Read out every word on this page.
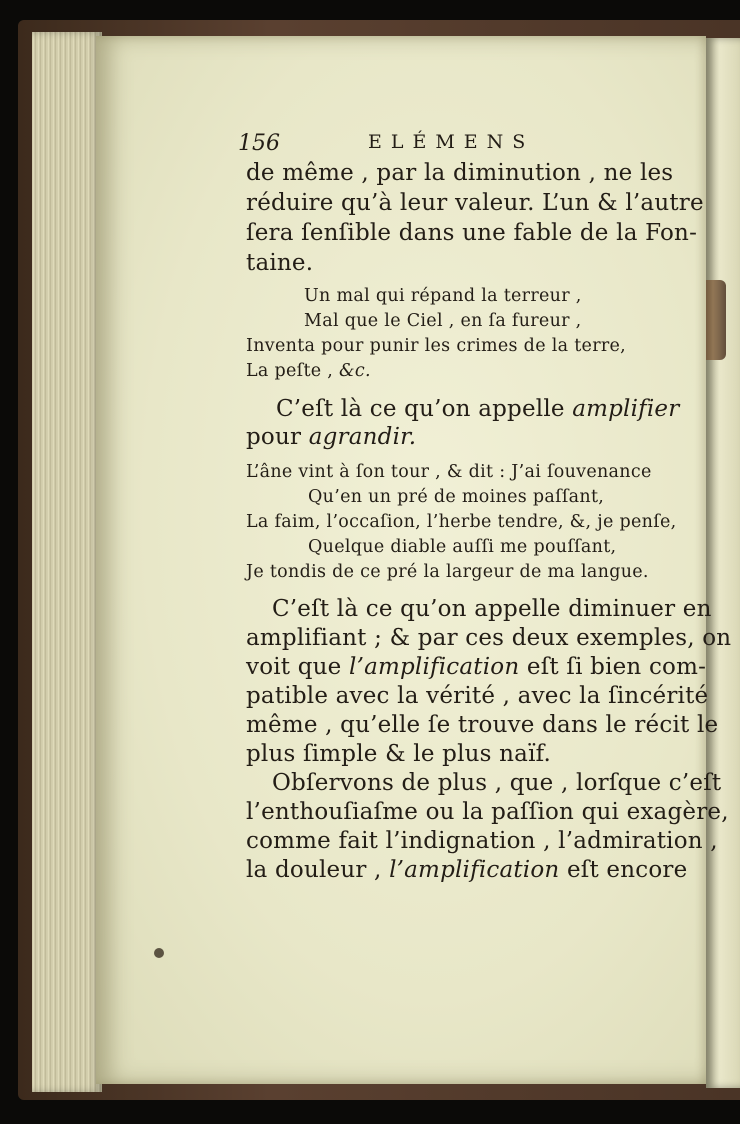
156	ELÉMENS
de même , par la diminution , ne les
réduire qu’à leur valeur. L’un & l’autre
ſera ſenſible dans une fable de la Fon-
taine.
Un mal qui répand la terreur ,
Mal que le Ciel , en ſa fureur ,
Inventa pour punir les crimes de la terre,
La peſte , &c.
C’eſt là ce qu’on appelle amplifier
pour agrandir.
L’âne vint à ſon tour , & dit : J’ai ſouvenance
Qu’en un pré de moines paſſant,
La faim, l’occaſion, l’herbe tendre, &, je penſe,
Quelque diable auſſi me pouſſant,
Je tondis de ce pré la largeur de ma langue.
C’eſt là ce qu’on appelle diminuer en
amplifiant ; & par ces deux exemples, on
voit que l’amplification eſt ſi bien com-
patible avec la vérité , avec la ſincérité
même , qu’elle ſe trouve dans le récit le
plus ſimple & le plus naïf.
Obſervons de plus , que , lorſque c’eſt
l’enthouſiaſme ou la paſſion qui exagère,
comme fait l’indignation , l’admiration ,
la douleur , l’amplification eſt encore
